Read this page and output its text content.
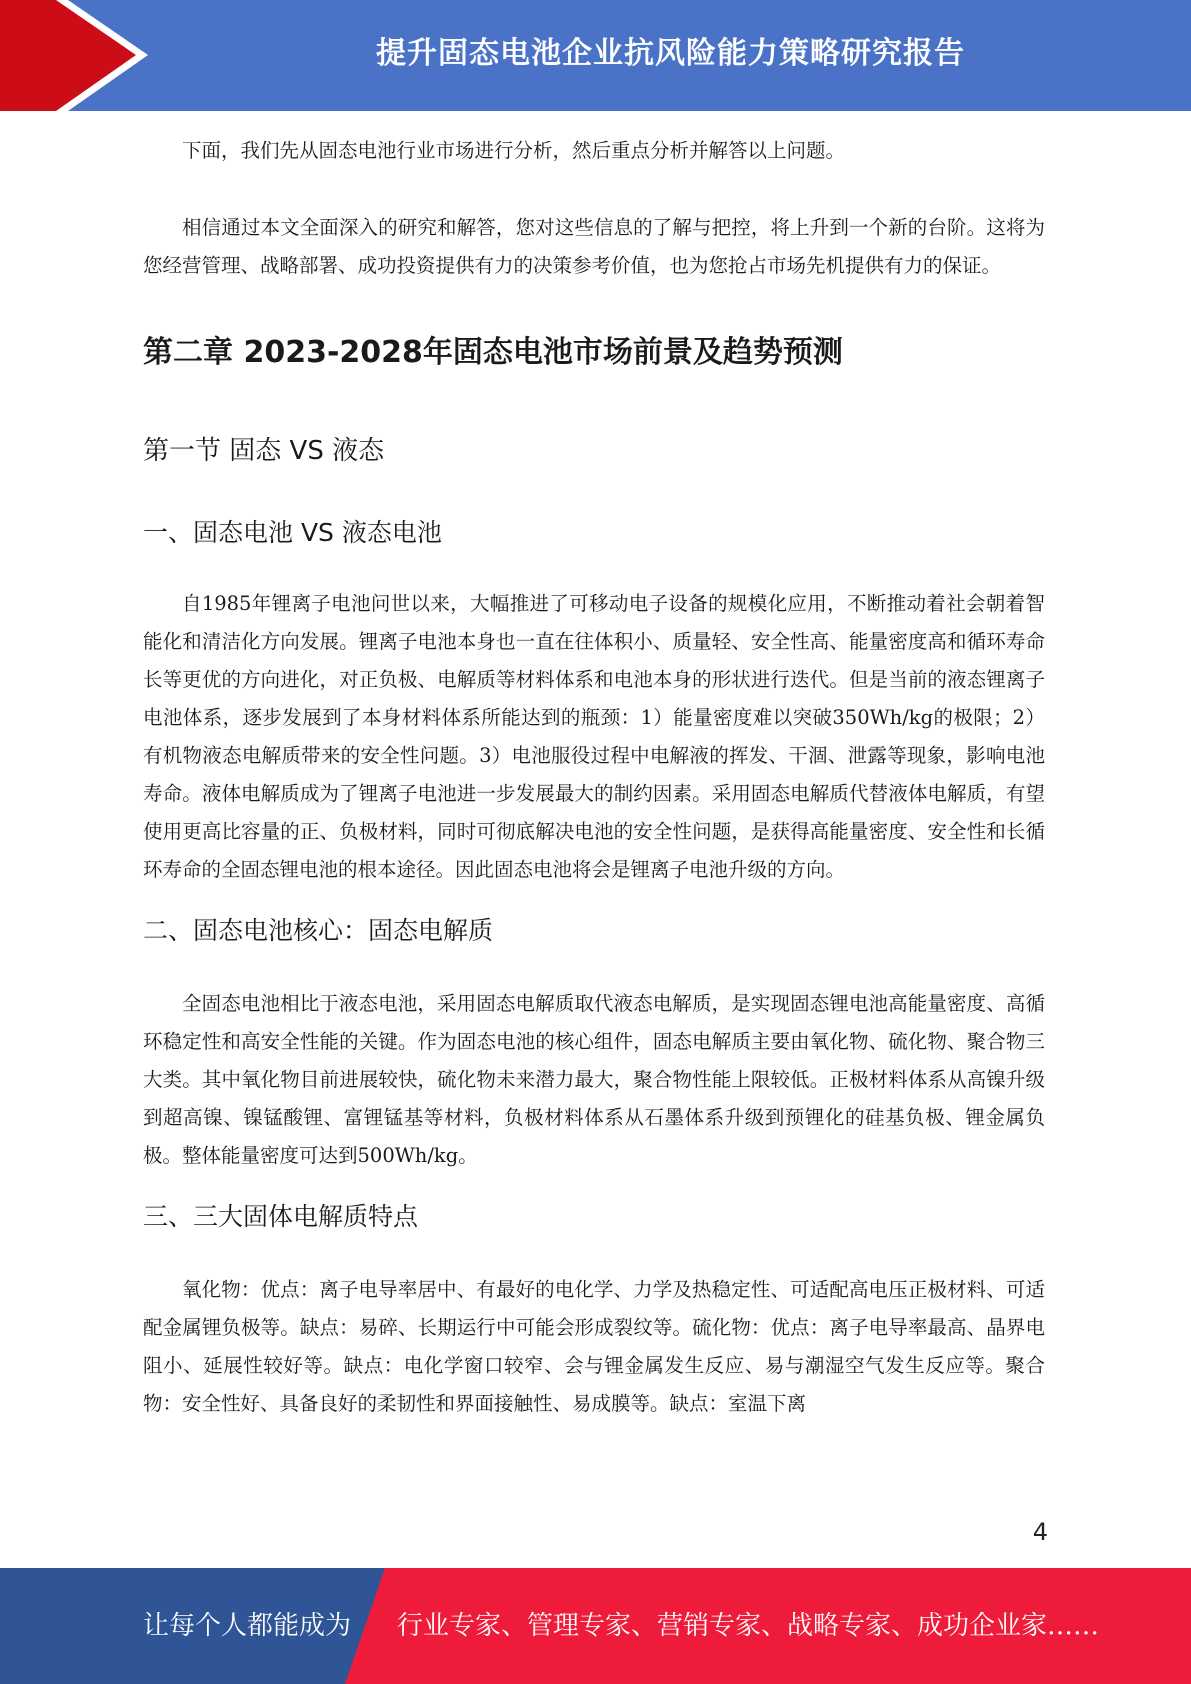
提升固态电池企业抗风险能力策略研究报告

下面，我们先从固态电池行业市场进行分析，然后重点分析并解答以上问题。

相信通过本文全面深入的研究和解答，您对这些信息的了解与把控，将上升到一个新的台阶。这将为您经营管理、战略部署、成功投资提供有力的决策参考价值，也为您抢占市场先机提供有力的保证。

第二章 2023-2028年固态电池市场前景及趋势预测
第一节 固态 VS 液态
一、固态电池 VS 液态电池

自1985年锂离子电池问世以来，大幅推进了可移动电子设备的规模化应用，不断推动着社会朝着智能化和清洁化方向发展。锂离子电池本身也一直在往体积小、质量轻、安全性高、能量密度高和循环寿命长等更优的方向进化，对正负极、电解质等材料体系和电池本身的形状进行迭代。但是当前的液态锂离子电池体系，逐步发展到了本身材料体系所能达到的瓶颈：1）能量密度难以突破350Wh/kg的极限；2）有机物液态电解质带来的安全性问题。3）电池服役过程中电解液的挥发、干涸、泄露等现象，影响电池寿命。液体电解质成为了锂离子电池进一步发展最大的制约因素。采用固态电解质代替液体电解质，有望使用更高比容量的正、负极材料，同时可彻底解决电池的安全性问题，是获得高能量密度、安全性和长循环寿命的全固态锂电池的根本途径。因此固态电池将会是锂离子电池升级的方向。

二、固态电池核心：固态电解质

全固态电池相比于液态电池，采用固态电解质取代液态电解质，是实现固态锂电池高能量密度、高循环稳定性和高安全性能的关键。作为固态电池的核心组件，固态电解质主要由氧化物、硫化物、聚合物三大类。其中氧化物目前进展较快，硫化物未来潜力最大，聚合物性能上限较低。正极材料体系从高镍升级到超高镍、镍锰酸锂、富锂锰基等材料，负极材料体系从石墨体系升级到预锂化的硅基负极、锂金属负极。整体能量密度可达到500Wh/kg。

三、三大固体电解质特点

氧化物：优点：离子电导率居中、有最好的电化学、力学及热稳定性、可适配高电压正极材料、可适配金属锂负极等。缺点：易碎、长期运行中可能会形成裂纹等。硫化物：优点：离子电导率最高、晶界电阻小、延展性较好等。缺点：电化学窗口较窄、会与锂金属发生反应、易与潮湿空气发生反应等。聚合物：安全性好、具备良好的柔韧性和界面接触性、易成膜等。缺点：室温下离

4
让每个人都能成为 行业专家、管理专家、营销专家、战略专家、成功企业家……
